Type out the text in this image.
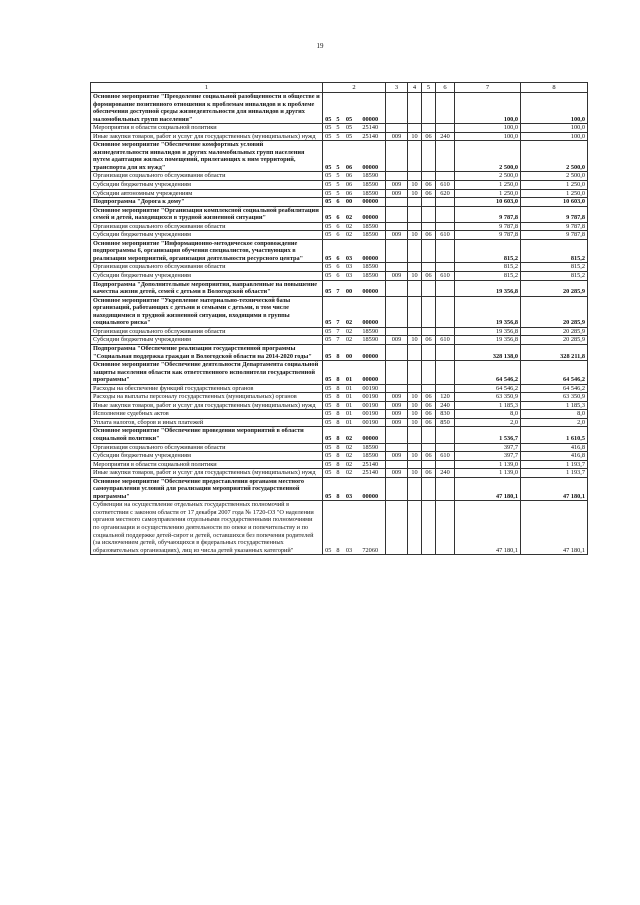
19
1	2				3	4	5	6	7	8
Основное мероприятие "Преодоление социальной разобщенности в обществе и формирование позитивного отношения к проблемам инвалидов и к проблеме обеспечения доступной среды жизнедеятельности для инвалидов и других маломобильных групп населения"	05	5	05	00000					100,0	100,0
Мероприятия в области социальной политики	05	5	05	25140					100,0	100,0
Иные закупки товаров, работ и услуг для государственных (муниципальных) нужд	05	5	05	25140	009	10	06	240	100,0	100,0
Основное мероприятие "Обеспечение комфортных условий жизнедеятельности инвалидов и других маломобильных групп населения путем адаптации жилых помещений, прилегающих к ним территорий, транспорта для их нужд"	05	5	06	00000					2 500,0	2 500,0
Организация социального обслуживания области	05	5	06	18590					2 500,0	2 500,0
Субсидии бюджетным учреждениям	05	5	06	18590	009	10	06	610	1 250,0	1 250,0
Субсидии автономным учреждениям	05	5	06	18590	009	10	06	620	1 250,0	1 250,0
Подпрограмма "Дорога к дому"	05	6	00	00000					10 603,0	10 603,0
Основное мероприятие "Организация комплексной социальной реабилитации семей и детей, находящихся в трудной жизненной ситуации"	05	6	02	00000					9 787,8	9 787,8
Организация социального обслуживания области	05	6	02	18590					9 787,8	9 787,8
Субсидии бюджетным учреждениям	05	6	02	18590	009	10	06	610	9 787,8	9 787,8
Основное мероприятие "Информационно-методическое сопровождение подпрограммы 6, организация обучения специалистов, участвующих в реализации мероприятий, организация деятельности ресурсного центра"	05	6	03	00000					815,2	815,2
Организация социального обслуживания области	05	6	03	18590					815,2	815,2
Субсидии бюджетным учреждениям	05	6	03	18590	009	10	06	610	815,2	815,2
Подпрограмма "Дополнительные мероприятия, направленные на повышение качества жизни детей, семей с детьми в Вологодской области"	05	7	00	00000					19 356,8	20 285,9
Основное мероприятие "Укрепление материально-технической базы организаций, работающих с детьми и семьями с детьми, в том числе находящимися в трудной жизненной ситуации, входящими в группы социального риска"	05	7	02	00000					19 356,8	20 285,9
Организация социального обслуживания области	05	7	02	18590					19 356,8	20 285,9
Субсидии бюджетным учреждениям	05	7	02	18590	009	10	06	610	19 356,8	20 285,9
Подпрограмма "Обеспечение реализации государственной программы "Социальная поддержка граждан в Вологодской области на 2014-2020 годы"	05	8	00	00000					328 138,0	328 211,8
Основное мероприятие "Обеспечение деятельности Департамента социальной защиты населения области как ответственного исполнителя государственной программы"	05	8	01	00000					64 546,2	64 546,2
Расходы на обеспечение функций государственных органов	05	8	01	00190					64 546,2	64 546,2
Расходы на выплаты персоналу государственных (муниципальных) органов	05	8	01	00190	009	10	06	120	63 350,9	63 350,9
Иные закупки товаров, работ и услуг для государственных (муниципальных) нужд	05	8	01	00190	009	10	06	240	1 185,3	1 185,3
Исполнение судебных актов	05	8	01	00190	009	10	06	830	8,0	8,0
Уплата налогов, сборов и иных платежей	05	8	01	00190	009	10	06	850	2,0	2,0
Основное мероприятие "Обеспечение проведения мероприятий в области социальной политики"	05	8	02	00000					1 536,7	1 610,5
Организация социального обслуживания области	05	8	02	18590					397,7	416,8
Субсидии бюджетным учреждениям	05	8	02	18590	009	10	06	610	397,7	416,8
Мероприятия в области социальной политики	05	8	02	25140					1 139,0	1 193,7
Иные закупки товаров, работ и услуг для государственных (муниципальных) нужд	05	8	02	25140	009	10	06	240	1 139,0	1 193,7
Основное мероприятие "Обеспечение предоставления органами местного самоуправления условий для реализации мероприятий государственной программы"	05	8	03	00000					47 180,1	47 180,1
Субвенции на осуществление отдельных государственных полномочий в соответствии с законом области от 17 декабря 2007 года № 1720-ОЗ "О наделении органов местного самоуправления отдельными государственными полномочиями по организации и осуществлению деятельности по опеке и попечительству и по социальной поддержке детей-сирот и детей, оставшихся без попечения родителей (за исключением детей, обучающихся в федеральных государственных образовательных организациях), лиц из числа детей указанных категорий"	05	8	03	72060					47 180,1	47 180,1
